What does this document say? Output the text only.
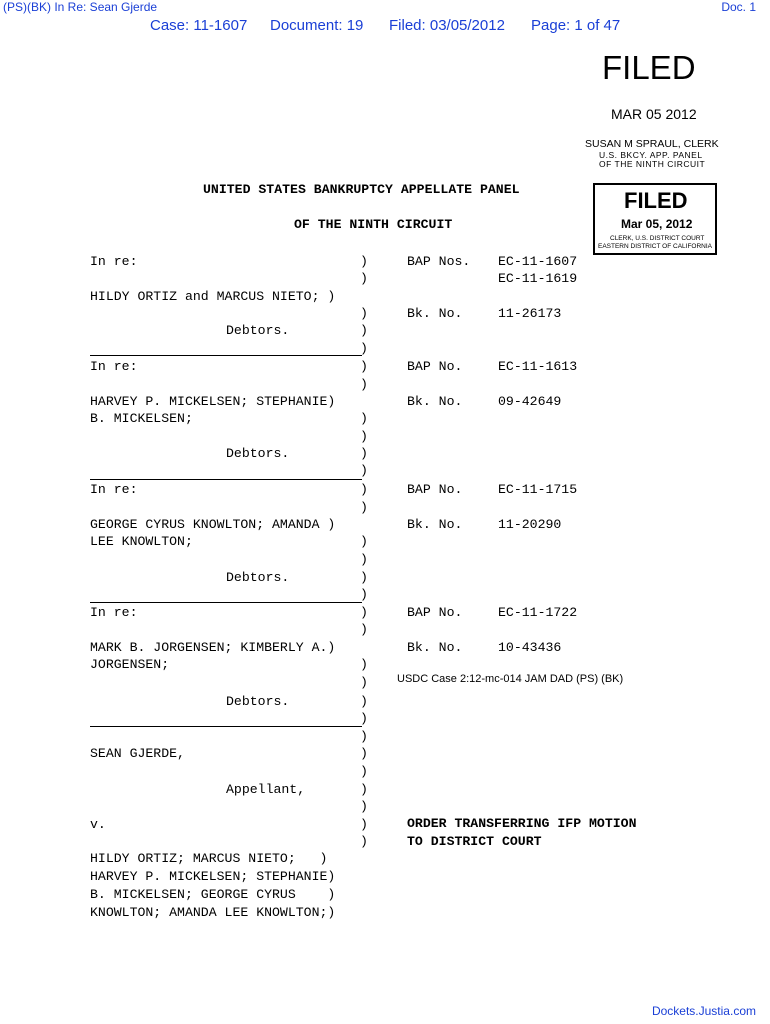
(PS)(BK) In Re: Sean Gjerde	Doc. 1
Case: 11-1607 Document: 19 Filed: 03/05/2012 Page: 1 of 47
FILED
MAR 05 2012
SUSAN M SPRAUL, CLERK
U.S. BKCY. APP. PANEL
OF THE NINTH CIRCUIT
FILED
Mar 05, 2012
CLERK, U.S. DISTRICT COURT
EASTERN DISTRICT OF CALIFORNIA
UNITED STATES BANKRUPTCY APPELLATE PANEL
OF THE NINTH CIRCUIT
In re:	)	BAP Nos. EC-11-1607
)	EC-11-1619
HILDY ORTIZ and MARCUS NIETO; )
)	Bk. No.	11-26173
Debtors.	)
)
In re:	)	BAP No.	EC-11-1613
)
HARVEY P. MICKELSEN; STEPHANIE)	Bk. No.	09-42649
B. MICKELSEN;	)
)
Debtors.	)
)
In re:	)	BAP No.	EC-11-1715
)
GEORGE CYRUS KNOWLTON; AMANDA )	Bk. No.	11-20290
LEE KNOWLTON;	)
)
Debtors.	)
)
In re:	)	BAP No.	EC-11-1722
)
MARK B. JORGENSEN; KIMBERLY A.)	Bk. No.	10-43436
JORGENSEN;	)
USDC Case 2:12-mc-014 JAM DAD (PS) (BK)
)
Debtors.	)
)
)
SEAN GJERDE,	)
)
Appellant,	)
)
v.	)	ORDER TRANSFERRING IFP MOTION
)	TO DISTRICT COURT
HILDY ORTIZ; MARCUS NIETO;   )
HARVEY P. MICKELSEN; STEPHANIE)
B. MICKELSEN; GEORGE CYRUS    )
KNOWLTON; AMANDA LEE KNOWLTON;)
Dockets.Justia.com
